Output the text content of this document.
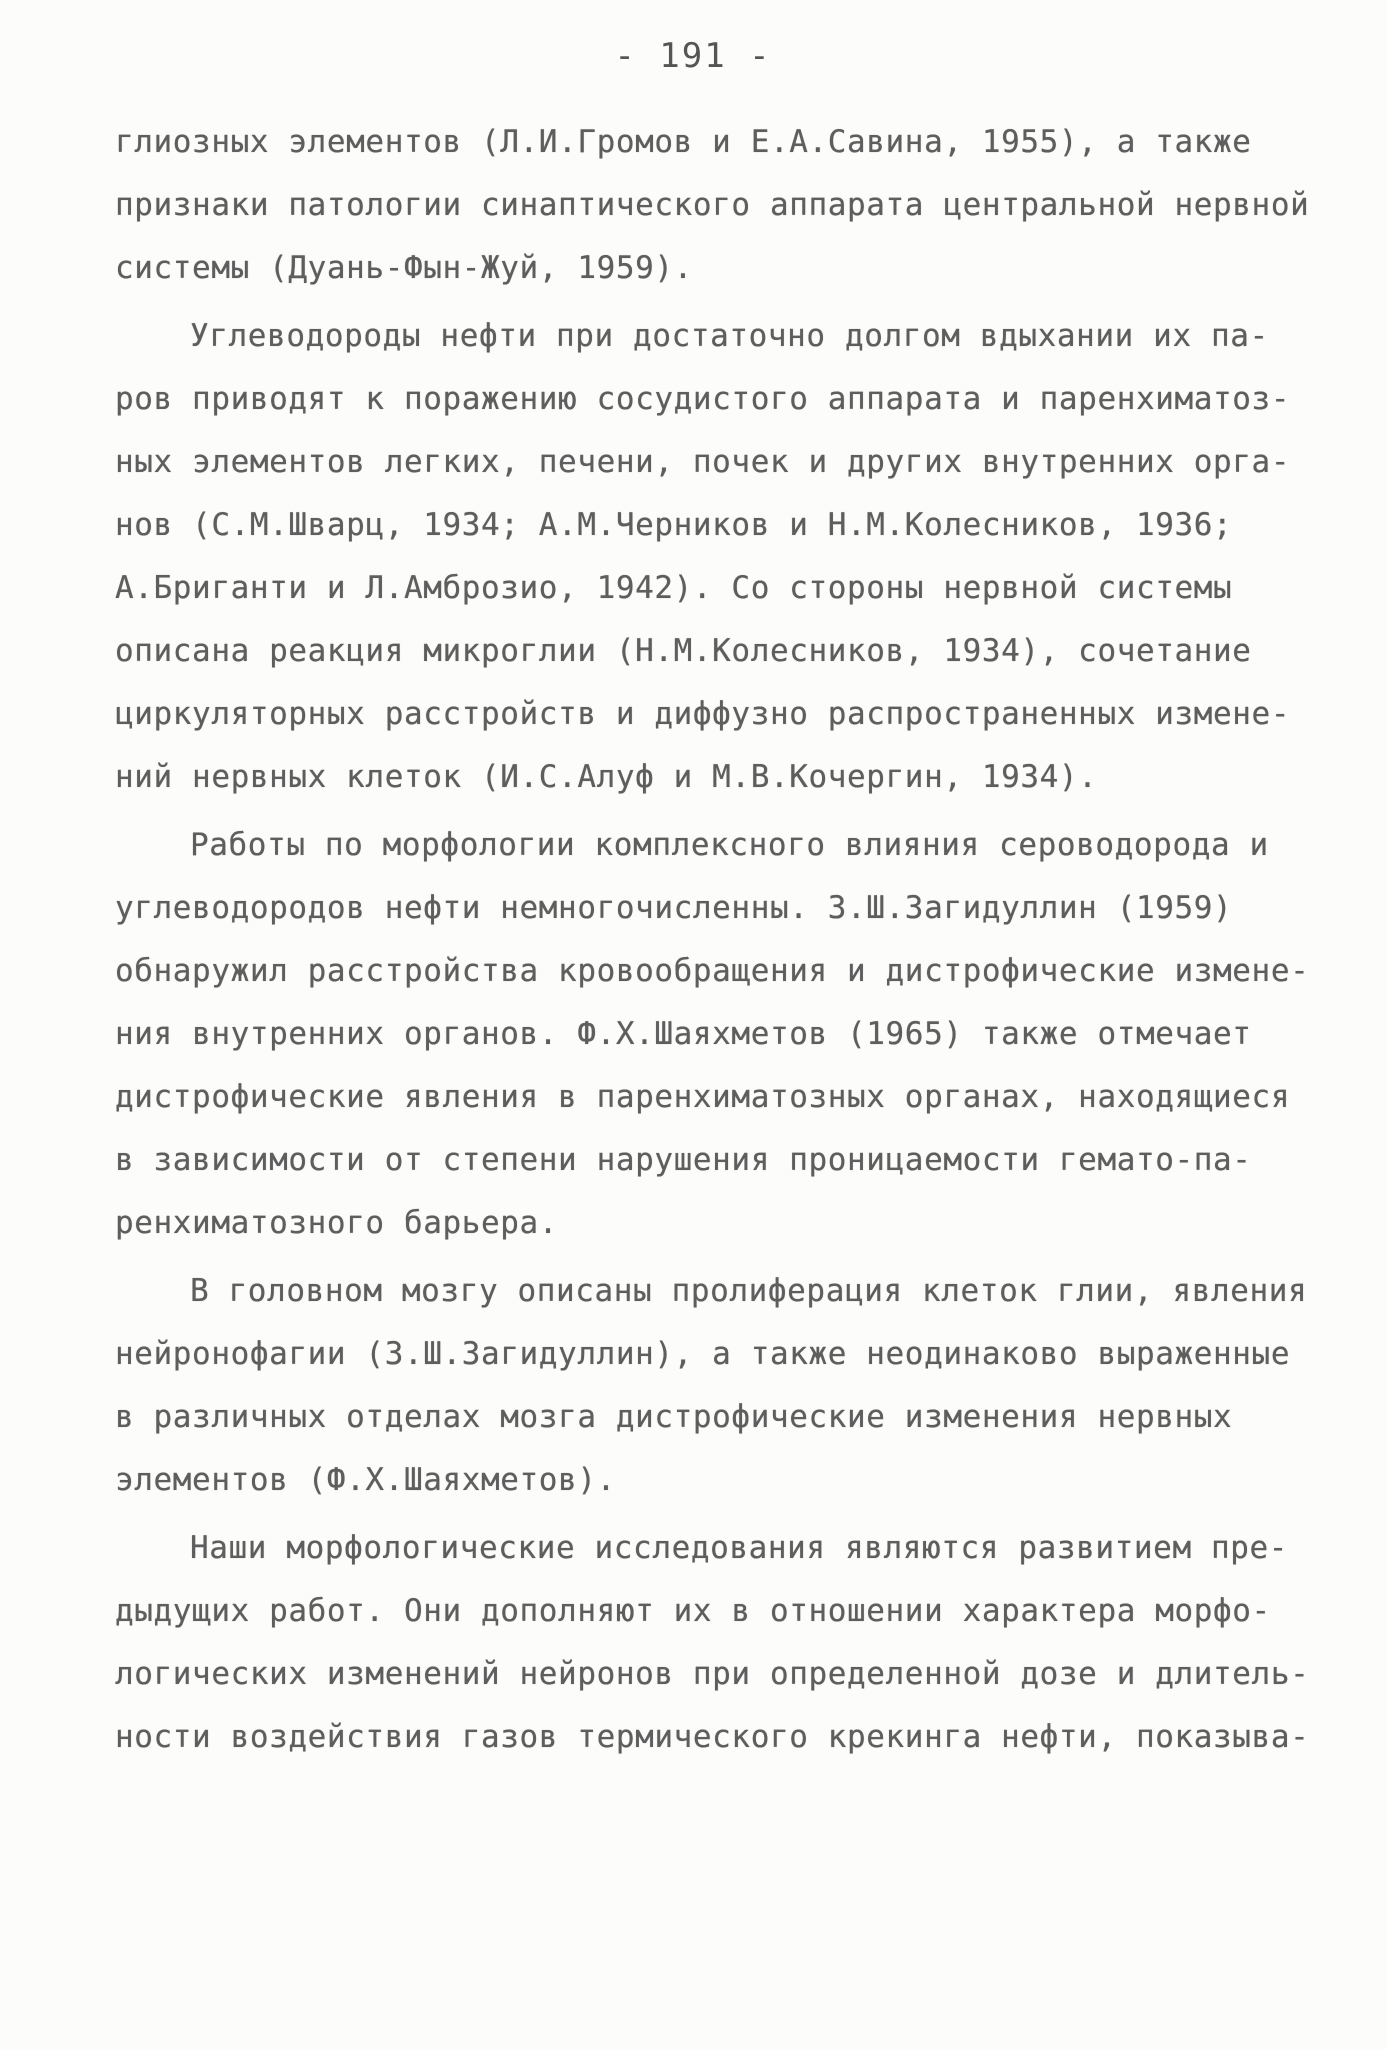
- 191 -
глиозных элементов (Л.И.Громов и Е.А.Савина, 1955), а также
признаки патологии синаптического аппарата центральной нервной
системы (Дуань-Фын-Жуй, 1959).
Углеводороды нефти при достаточно долгом вдыхании их па-
ров приводят к поражению сосудистого аппарата и паренхиматоз-
ных элементов легких, печени, почек и других внутренних орга-
нов (С.М.Шварц, 1934; А.М.Черников и Н.М.Колесников, 1936;
А.Бриганти и Л.Амброзио, 1942). Со стороны нервной системы
описана реакция микроглии (Н.М.Колесников, 1934), сочетание
циркуляторных расстройств и диффузно распространенных измене-
ний нервных клеток (И.С.Алуф и М.В.Кочергин, 1934).
Работы по морфологии комплексного влияния сероводорода и
углеводородов нефти немногочисленны. З.Ш.Загидуллин (1959)
обнаружил расстройства кровообращения и дистрофические измене-
ния внутренних органов. Ф.Х.Шаяхметов (1965) также отмечает
дистрофические явления в паренхиматозных органах, находящиеся
в зависимости от степени нарушения проницаемости гемато-па-
ренхиматозного барьера.
В головном мозгу описаны пролиферация клеток глии, явления
нейронофагии (З.Ш.Загидуллин), а также неодинаково выраженные
в различных отделах мозга дистрофические изменения нервных
элементов (Ф.Х.Шаяхметов).
Наши морфологические исследования являются развитием пре-
дыдущих работ. Они дополняют их в отношении характера морфо-
логических изменений нейронов при определенной дозе и длитель-
ности воздействия газов термического крекинга нефти, показыва-
